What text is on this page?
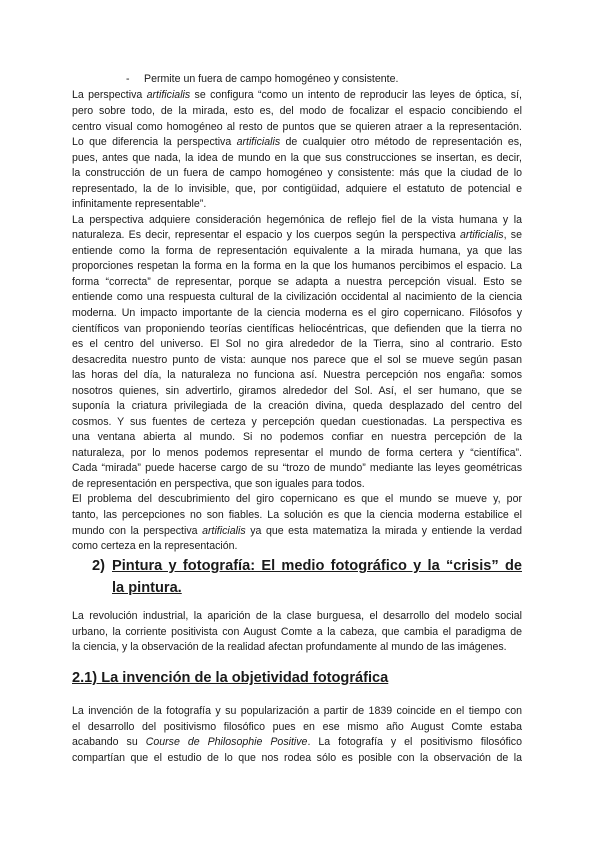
- Permite un fuera de campo homogéneo y consistente.
La perspectiva artificialis se configura “como un intento de reproducir las leyes de óptica, sí,
pero sobre todo, de la mirada, esto es, del modo de focalizar el espacio concibiendo el
centro visual como homogéneo al resto de puntos que se quieren atraer a la representación.
Lo que diferencia la perspectiva artificialis de cualquier otro método de representación es,
pues, antes que nada, la idea de mundo en la que sus construcciones se insertan, es decir,
la construcción de un fuera de campo homogéneo y consistente: más que la ciudad de lo
representado, la de lo invisible, que, por contigüidad, adquiere el estatuto de potencial e
infinitamente representable”.
La perspectiva adquiere consideración hegemónica de reflejo fiel de la vista humana y la
naturaleza. Es decir, representar el espacio y los cuerpos según la perspectiva artificialis, se
entiende como la forma de representación equivalente a la mirada humana, ya que las
proporciones respetan la forma en la forma en la que los humanos percibimos el espacio. La
forma “correcta” de representar, porque se adapta a nuestra percepción visual. Esto se
entiende como una respuesta cultural de la civilización occidental al nacimiento de la ciencia
moderna. Un impacto importante de la ciencia moderna es el giro copernicano. Filósofos y
científicos van proponiendo teorías científicas heliocéntricas, que defienden que la tierra no
es el centro del universo. El Sol no gira alrededor de la Tierra, sino al contrario. Esto
desacredita nuestro punto de vista: aunque nos parece que el sol se mueve según pasan
las horas del día, la naturaleza no funciona así. Nuestra percepción nos engaña: somos
nosotros quienes, sin advertirlo, giramos alrededor del Sol. Así, el ser humano, que se
suponía la criatura privilegiada de la creación divina, queda desplazado del centro del
cosmos. Y sus fuentes de certeza y percepción quedan cuestionadas. La perspectiva es
una ventana abierta al mundo. Si no podemos confiar en nuestra percepción de la
naturaleza, por lo menos podemos representar el mundo de forma certera y “científica”.
Cada “mirada” puede hacerse cargo de su “trozo de mundo” mediante las leyes geométricas
de representación en perspectiva, que son iguales para todos.
El problema del descubrimiento del giro copernicano es que el mundo se mueve y, por
tanto, las percepciones no son fiables. La solución es que la ciencia moderna estabilice el
mundo con la perspectiva artificialis ya que esta matematiza la mirada y entiende la verdad
como certeza en la representación.
2) Pintura y fotografía: El medio fotográfico y la “crisis” de
la pintura.
La revolución industrial, la aparición de la clase burguesa, el desarrollo del modelo social
urbano, la corriente positivista con August Comte a la cabeza, que cambia el paradigma de
la ciencia, y la observación de la realidad afectan profundamente al mundo de las imágenes.
2.1) La invención de la objetividad fotográfica
La invención de la fotografía y su popularización a partir de 1839 coincide en el tiempo con
el desarrollo del positivismo filosófico pues en ese mismo año August Comte estaba
acabando su Course de Philosophie Positive. La fotografía y el positivismo filosófico
compartían que el estudio de lo que nos rodea sólo es posible con la observación de la
